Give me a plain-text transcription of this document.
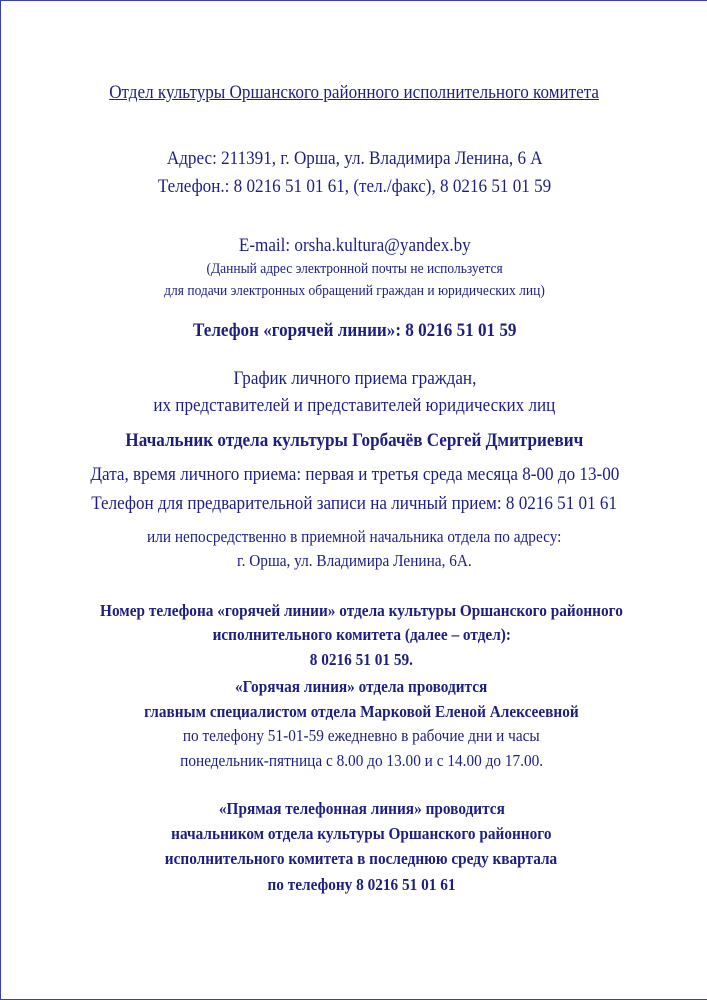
Отдел культуры Оршанского районного исполнительного комитета
Адрес: 211391, г. Орша, ул. Владимира Ленина, 6 А
Телефон.: 8 0216 51 01 61, (тел./факс), 8 0216 51 01 59
E-mail: orsha.kultura@yandex.by
(Данный адрес электронной почты не используется
для подачи электронных обращений граждан и юридических лиц)
Телефон «горячей линии»: 8 0216 51 01 59
График личного приема граждан,
их представителей и представителей юридических лиц
Начальник отдела культуры Горбачёв Сергей Дмитриевич
Дата, время личного приема: первая и третья среда месяца 8-00 до 13-00
Телефон для предварительной записи на личный прием: 8 0216 51 01 61
или непосредственно в приемной начальника отдела по адресу:
г. Орша, ул. Владимира Ленина, 6А.
Номер телефона «горячей линии» отдела культуры Оршанского районного
исполнительного комитета (далее – отдел):
8 0216 51 01 59.
«Горячая линия» отдела проводится
главным специалистом отдела Марковой Еленой Алексеевной
по телефону 51-01-59 ежедневно в рабочие дни и часы
понедельник-пятница с 8.00 до 13.00 и с 14.00 до 17.00.
«Прямая телефонная линия» проводится
начальником отдела культуры Оршанского районного
исполнительного комитета в последнюю среду квартала
по телефону 8 0216 51 01 61
